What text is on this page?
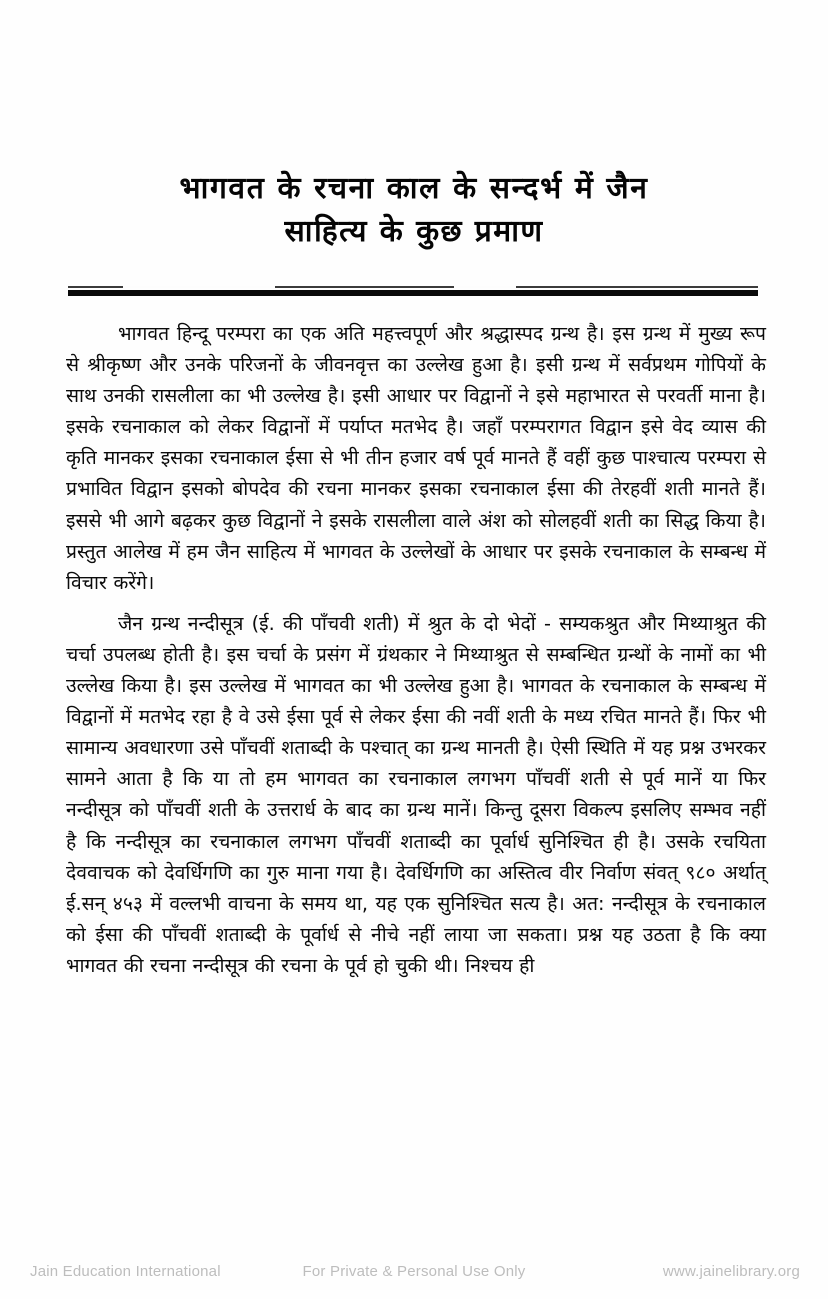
भागवत के रचना काल के सन्दर्भ में जैन
साहित्य के कुछ प्रमाण

भागवत हिन्दू परम्परा का एक अति महत्त्वपूर्ण और श्रद्धास्पद ग्रन्थ है। इस ग्रन्थ में मुख्य रूप से श्रीकृष्ण और उनके परिजनों के जीवनवृत्त का उल्लेख हुआ है। इसी ग्रन्थ में सर्वप्रथम गोपियों के साथ उनकी रासलीला का भी उल्लेख है। इसी आधार पर विद्वानों ने इसे महाभारत से परवर्ती माना है। इसके रचनाकाल को लेकर विद्वानों में पर्याप्त मतभेद है। जहाँ परम्परागत विद्वान इसे वेद व्यास की कृति मानकर इसका रचनाकाल ईसा से भी तीन हजार वर्ष पूर्व मानते हैं वहीं कुछ पाश्चात्य परम्परा से प्रभावित विद्वान इसको बोपदेव की रचना मानकर इसका रचनाकाल ईसा की तेरहवीं शती मानते हैं। इससे भी आगे बढ़कर कुछ विद्वानों ने इसके रासलीला वाले अंश को सोलहवीं शती का सिद्ध किया है। प्रस्तुत आलेख में हम जैन साहित्य में भागवत के उल्लेखों के आधार पर इसके रचनाकाल के सम्बन्ध में विचार करेंगे।

जैन ग्रन्थ नन्दीसूत्र (ई. की पाँचवी शती) में श्रुत के दो भेदों - सम्यकश्रुत और मिथ्याश्रुत की चर्चा उपलब्ध होती है। इस चर्चा के प्रसंग में ग्रंथकार ने मिथ्याश्रुत से सम्बन्धित ग्रन्थों के नामों का भी उल्लेख किया है। इस उल्लेख में भागवत का भी उल्लेख हुआ है। भागवत के रचनाकाल के सम्बन्ध में विद्वानों में मतभेद रहा है वे उसे ईसा पूर्व से लेकर ईसा की नवीं शती के मध्य रचित मानते हैं। फिर भी सामान्य अवधारणा उसे पाँचवीं शताब्दी के पश्चात् का ग्रन्थ मानती है। ऐसी स्थिति में यह प्रश्न उभरकर सामने आता है कि या तो हम भागवत का रचनाकाल लगभग पाँचवीं शती से पूर्व मानें या फिर नन्दीसूत्र को पाँचवीं शती के उत्तरार्ध के बाद का ग्रन्थ मानें। किन्तु दूसरा विकल्प इसलिए सम्भव नहीं है कि नन्दीसूत्र का रचनाकाल लगभग पाँचवीं शताब्दी का पूर्वार्ध सुनिश्चित ही है। उसके रचयिता देववाचक को देवर्धिगणि का गुरु माना गया है। देवर्धिगणि का अस्तित्व वीर निर्वाण संवत् ९८० अर्थात् ई.सन् ४५३ में वल्लभी वाचना के समय था, यह एक सुनिश्चित सत्य है। अत: नन्दीसूत्र के रचनाकाल को ईसा की पाँचवीं शताब्दी के पूर्वार्ध से नीचे नहीं लाया जा सकता। प्रश्न यह उठता है कि क्या भागवत की रचना नन्दीसूत्र की रचना के पूर्व हो चुकी थी। निश्चय ही

Jain Education International	For Private & Personal Use Only	www.jainelibrary.org
